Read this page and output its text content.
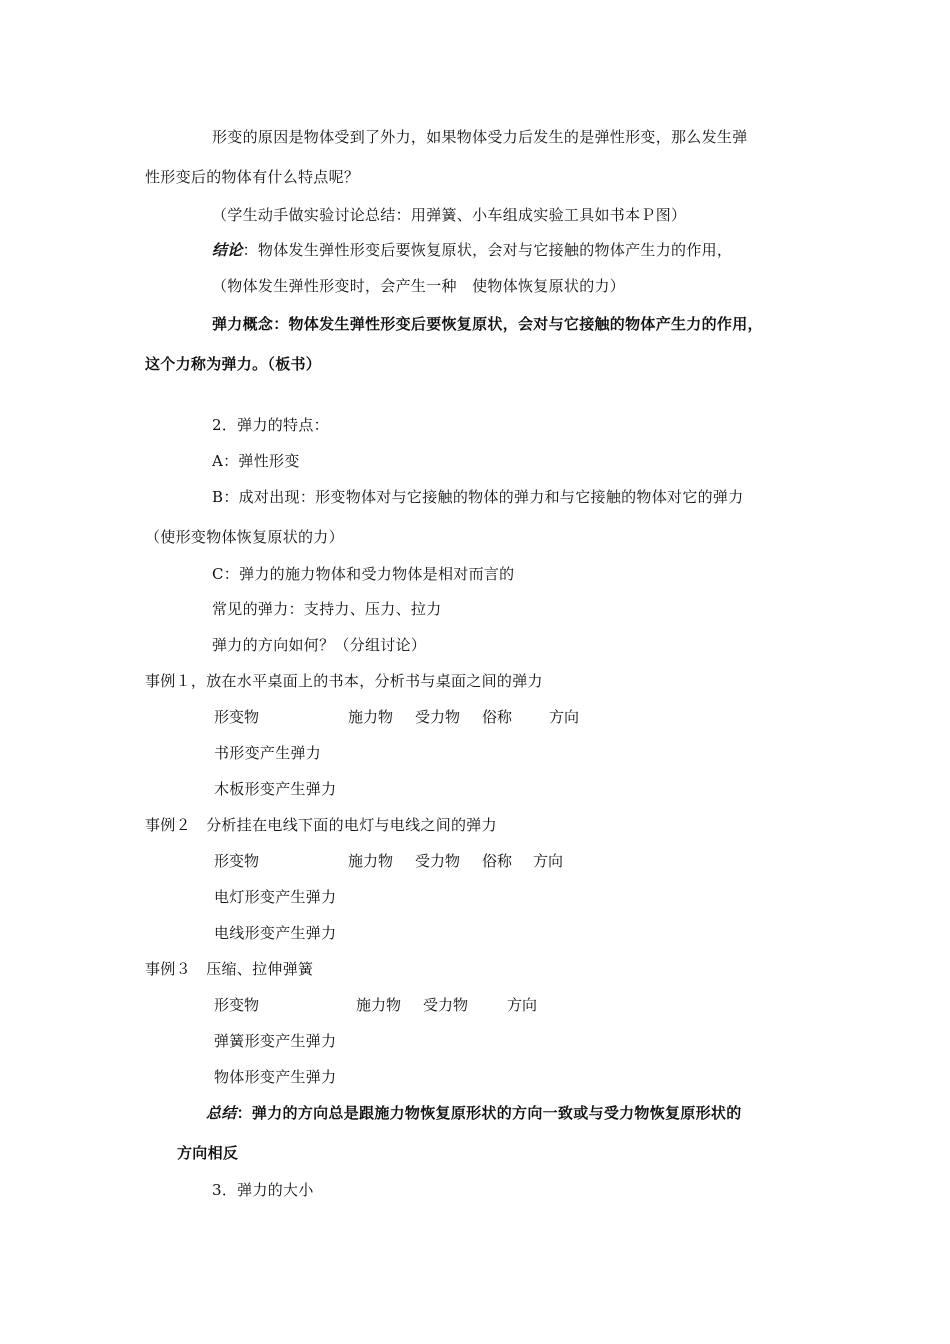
形变的原因是物体受到了外力，如果物体受力后发生的是弹性形变，那么发生弹
性形变后的物体有什么特点呢？
（学生动手做实验讨论总结：用弹簧、小车组成实验工具如书本Ｐ图）
结论：物体发生弹性形变后要恢复原状，会对与它接触的物体产生力的作用，
（物体发生弹性形变时，会产生一种　使物体恢复原状的力）
弹力概念：物体发生弹性形变后要恢复原状，会对与它接触的物体产生力的作用，
这个力称为弹力。（板书）
2．弹力的特点：
A：弹性形变
B：成对出现：形变物体对与它接触的物体的弹力和与它接触的物体对它的弹力
（使形变物体恢复原状的力）
C：弹力的施力物体和受力物体是相对而言的
常见的弹力：支持力、压力、拉力
弹力的方向如何？（分组讨论）
事例１，放在水平桌面上的书本，分析书与桌面之间的弹力
形变物	施力物 受力物 俗称 方向
书形变产生弹力
木板形变产生弹力
事例２　分析挂在电线下面的电灯与电线之间的弹力
形变物	施力物 受力物 俗称 方向
电灯形变产生弹力
电线形变产生弹力
事例３　压缩、拉伸弹簧
形变物	施力物 受力物	方向
弹簧形变产生弹力
物体形变产生弹力
总结：弹力的方向总是跟施力物恢复原形状的方向一致或与受力物恢复原形状的
方向相反
3．弹力的大小
